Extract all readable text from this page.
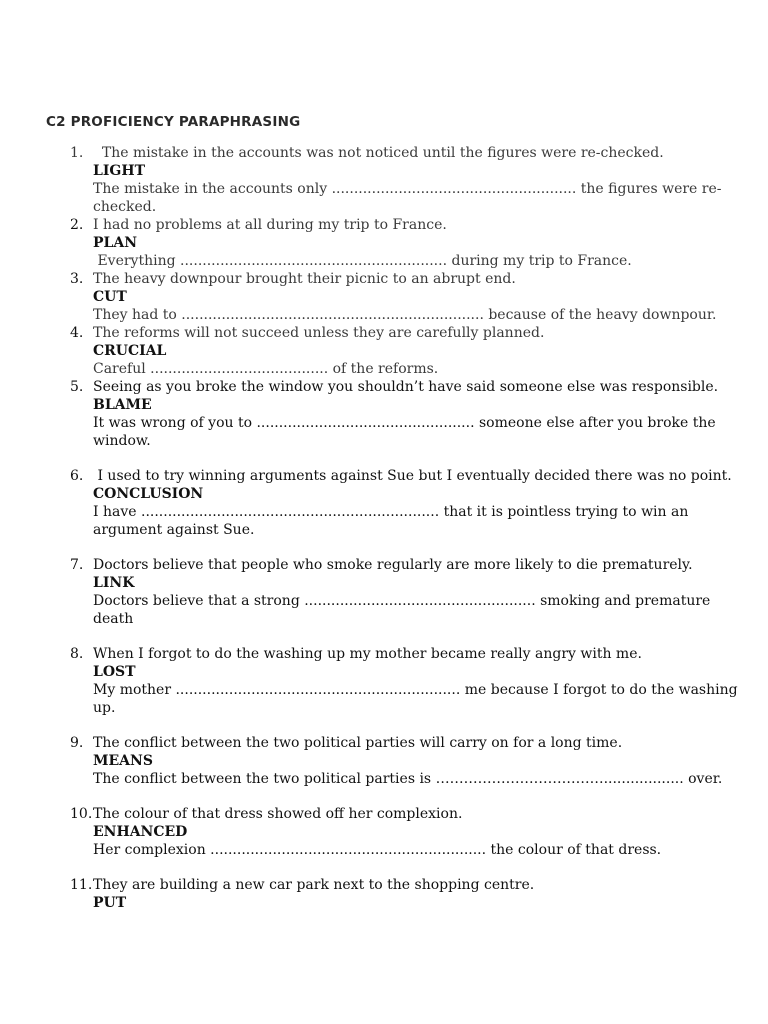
C2 PROFICIENCY PARAPHRASING
1. The mistake in the accounts was not noticed until the figures were re-checked.
LIGHT
The mistake in the accounts only ....................................................... the figures were re-checked.
2. I had no problems at all during my trip to France.
PLAN
Everything ............................................................ during my trip to France.
3. The heavy downpour brought their picnic to an abrupt end.
CUT
They had to .................................................................... because of the heavy downpour.
4. The reforms will not succeed unless they are carefully planned.
CRUCIAL
Careful ........................................ of the reforms.
5. Seeing as you broke the window you shouldn’t have said someone else was responsible.
BLAME
It was wrong of you to ................................................. someone else after you broke the window.
6. I used to try winning arguments against Sue but I eventually decided there was no point.
CONCLUSION
I have ................................................................... that it is pointless trying to win an argument against Sue.
7. Doctors believe that people who smoke regularly are more likely to die prematurely.
LINK
Doctors believe that a strong .................................................... smoking and premature death
8. When I forgot to do the washing up my mother became really angry with me.
LOST
My mother ................................................................ me because I forgot to do the washing up.
9. The conflict between the two political parties will carry on for a long time.
MEANS
The conflict between the two political parties is ……………………………….................. over.
10. The colour of that dress showed off her complexion.
ENHANCED
Her complexion .............................................................. the colour of that dress.
11. They are building a new car park next to the shopping centre.
PUT
